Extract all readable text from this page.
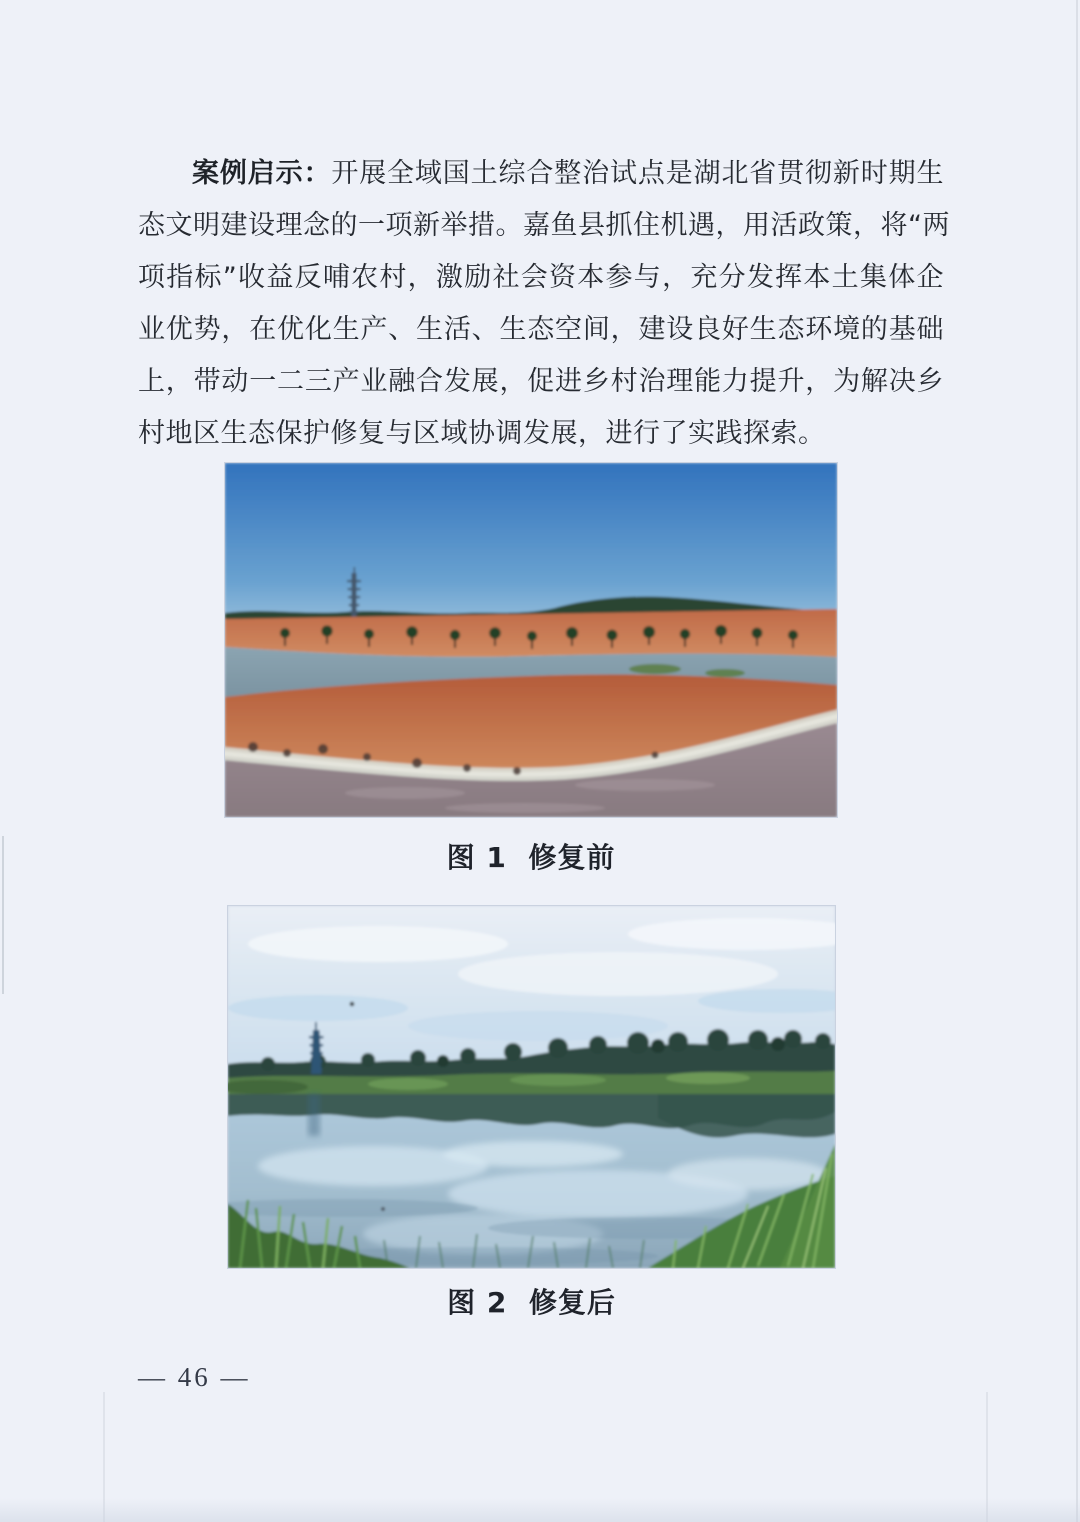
案例启示：开展全域国土综合整治试点是湖北省贯彻新时期生
态文明建设理念的一项新举措。嘉鱼县抓住机遇，用活政策，将“两
项指标”收益反哺农村，激励社会资本参与，充分发挥本土集体企
业优势，在优化生产、生活、生态空间，建设良好生态环境的基础
上，带动一二三产业融合发展，促进乡村治理能力提升，为解决乡
村地区生态保护修复与区域协调发展，进行了实践探索。
图 1  修复前
图 2  修复后
— 46 —
